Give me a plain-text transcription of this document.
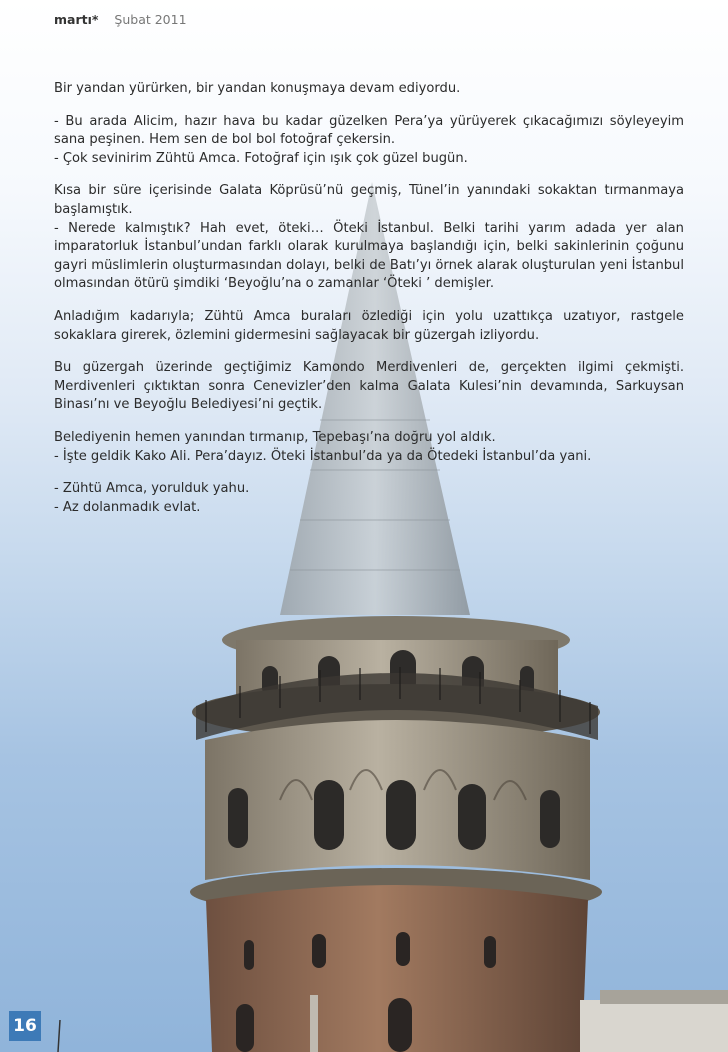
martı* Şubat 2011

Bir yandan yürürken, bir yandan konuşmaya devam ediyordu.

- Bu arada Alicim, hazır hava bu kadar güzelken Pera’ya yürüyerek çıkacağımızı söyleyeyim sana peşinen. Hem sen de bol bol fotoğraf çekersin.
- Çok sevinirim Zühtü Amca. Fotoğraf için ışık çok güzel bugün.

Kısa bir süre içerisinde Galata Köprüsü’nü geçmiş, Tünel’in yanındaki sokaktan tırmanmaya başlamıştık.
- Nerede kalmıştık? Hah evet, öteki… Öteki İstanbul. Belki tarihi yarım adada yer alan imparatorluk İstanbul’undan farklı olarak kurulmaya başlandığı için, belki sakinlerinin çoğunu gayri müslimlerin oluşturmasından dolayı, belki de Batı’yı örnek alarak oluşturulan yeni İstanbul olmasından ötürü şimdiki ‘Beyoğlu’na o zamanlar ‘Öteki ’ demişler.

Anladığım kadarıyla; Zühtü Amca buraları özlediği için yolu uzattıkça uzatıyor, rastgele sokaklara girerek, özlemini gidermesini sağlayacak bir güzergah izliyordu.

Bu güzergah üzerinde geçtiğimiz Kamondo Merdivenleri de, gerçekten ilgimi çekmişti. Merdivenleri çıktıktan sonra Cenevizler’den kalma Galata Kulesi’nin devamında, Sarkuysan Binası’nı ve Beyoğlu Belediyesi’ni geçtik.

Belediyenin hemen yanından tırmanıp, Tepebaşı’na doğru yol aldık.
- İşte geldik Kako Ali. Pera’dayız. Öteki İstanbul’da ya da Ötedeki İstanbul’da yani.

- Zühtü Amca, yorulduk yahu.
- Az dolanmadık evlat.

16
